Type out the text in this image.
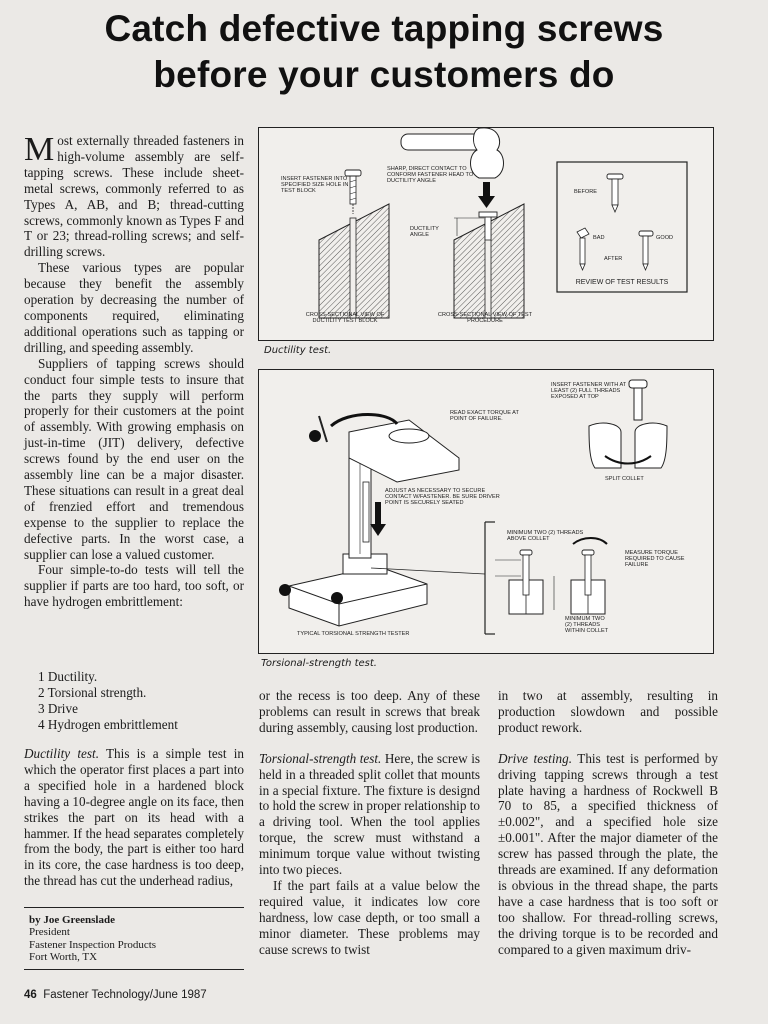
Catch defective tapping screws
before your customers do

Most externally threaded fasteners in high-volume assembly are self-tapping screws. These include sheet-metal screws, commonly referred to as Types A, AB, and B; thread-cutting screws, commonly known as Types F and T or 23; thread-rolling screws; and self-drilling screws.

These various types are popular because they benefit the assembly operation by decreasing the number of components required, eliminating additional operations such as tapping or drilling, and speeding assembly.

Suppliers of tapping screws should conduct four simple tests to insure that the parts they supply will perform properly for their customers at the point of assembly. With growing emphasis on just-in-time (JIT) delivery, defective screws found by the end user on the assembly line can be a major disaster. These situations can result in a great deal of frenzied effort and tremendous expense to the supplier to replace the defective parts. In the worst case, a supplier can lose a valued customer.

Four simple-to-do tests will tell the supplier if parts are too hard, too soft, or have hydrogen embrittlement:

1 Ductility.
2 Torsional strength.
3 Drive
4 Hydrogen embrittlement

Ductility test. This is a simple test in which the operator first places a part into a specified hole in a hardened block having a 10-degree angle on its face, then strikes the part on its head with a hammer. If the head separates completely from the body, the part is either too hard in its core, the case hardness is too deep, the thread has cut the underhead radius,

by Joe Greenslade
President
Fastener Inspection Products
Fort Worth, TX
46 Fastener Technology/June 1987

or the recess is too deep. Any of these problems can result in screws that break during assembly, causing lost production.

Torsional-strength test. Here, the screw is held in a threaded split collet that mounts in a special fixture. The fixture is designd to hold the screw in proper relationship to a driving tool. When the tool applies torque, the screw must withstand a minimum torque value without twisting into two pieces.

If the part fails at a value below the required value, it indicates low core hardness, low case depth, or too small a minor diameter. These problems may cause screws to twist

in two at assembly, resulting in production slowdown and possible product rework.

Drive testing. This test is performed by driving tapping screws through a test plate having a hardness of Rockwell B 70 to 85, a specified thickness of ±0.002", and a specified hole size ±0.001". After the major diameter of the screw has passed through the plate, the threads are examined. If any deformation is obvious in the thread shape, the parts have a case hardness that is too soft or too shallow. For thread-rolling screws, the driving torque is to be recorded and compared to a given maximum driv-

INSERT FASTENER INTO SPECIFIED SIZE HOLE IN TEST BLOCK
SHARP, DIRECT CONTACT TO CONFORM FASTENER HEAD TO DUCTILITY ANGLE
DUCTILITY ANGLE
CROSS-SECTIONAL VIEW OF DUCTILITY TEST BLOCK
CROSS-SECTIONAL VIEW OF TEST PROCEDURE
BEFORE
BAD	GOOD
AFTER
REVIEW OF TEST RESULTS
Ductility test.
INSERT FASTENER WITH AT LEAST (2) FULL THREADS EXPOSED AT TOP
READ EXACT TORQUE AT POINT OF FAILURE.
ADJUST AS NECESSARY TO SECURE CONTACT W/FASTENER. BE SURE DRIVER POINT IS SECURELY SEATED
SPLIT COLLET
MINIMUM TWO (2) THREADS ABOVE COLLET
MEASURE TORQUE REQUIRED TO CAUSE FAILURE
MINIMUM TWO (2) THREADS WITHIN COLLET
TYPICAL TORSIONAL STRENGTH TESTER
Torsional-strength test.
